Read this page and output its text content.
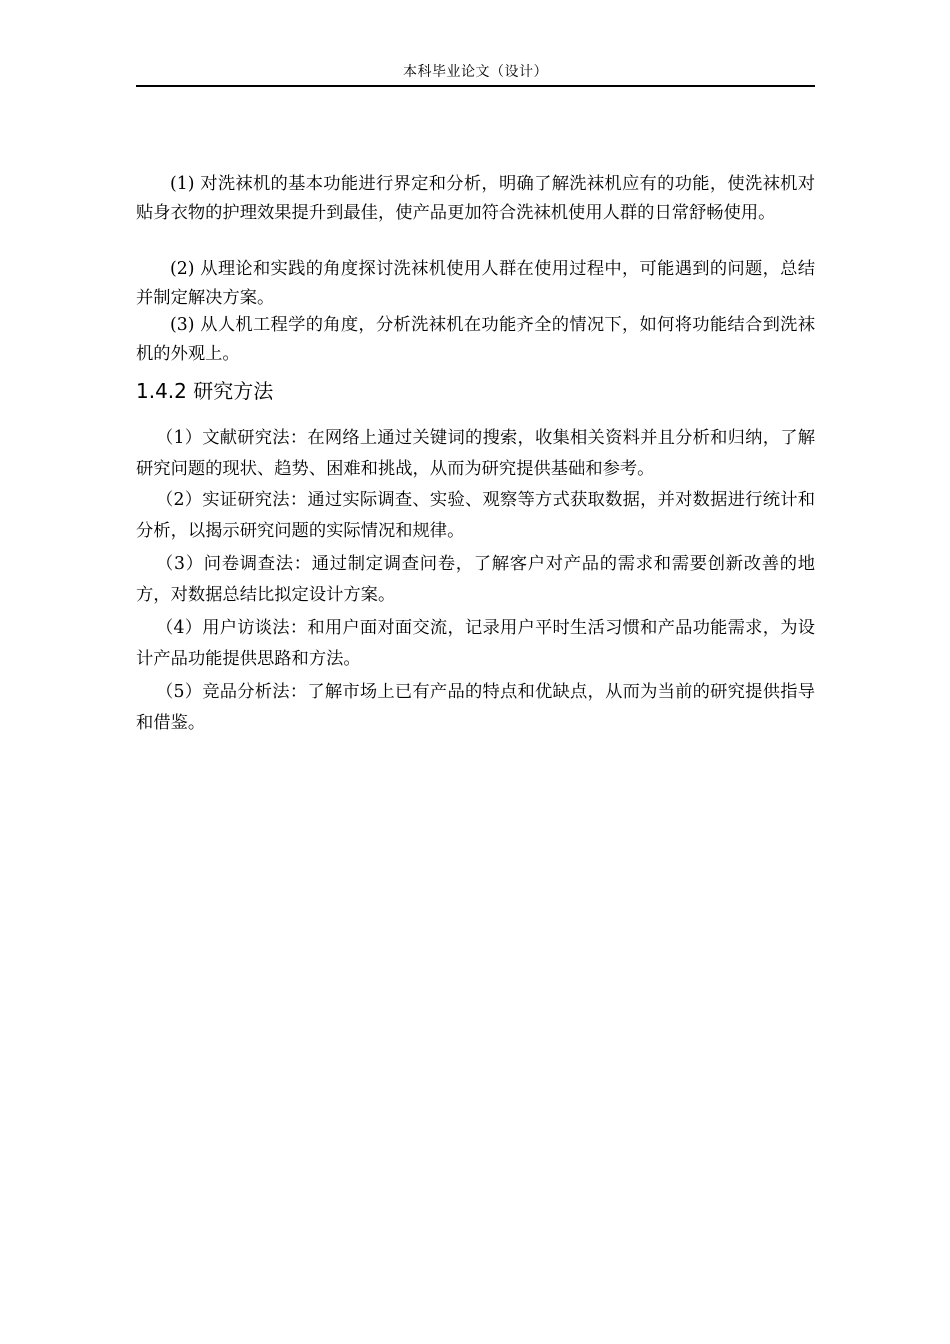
本科毕业论文（设计）

(1) 对洗袜机的基本功能进行界定和分析，明确了解洗袜机应有的功能，使洗袜机对贴身衣物的护理效果提升到最佳，使产品更加符合洗袜机使用人群的日常舒畅使用。

(2) 从理论和实践的角度探讨洗袜机使用人群在使用过程中，可能遇到的问题，总结并制定解决方案。

(3) 从人机工程学的角度，分析洗袜机在功能齐全的情况下，如何将功能结合到洗袜机的外观上。

1.4.2 研究方法

（1）文献研究法：在网络上通过关键词的搜索，收集相关资料并且分析和归纳，了解研究问题的现状、趋势、困难和挑战，从而为研究提供基础和参考。

（2）实证研究法：通过实际调查、实验、观察等方式获取数据，并对数据进行统计和分析，以揭示研究问题的实际情况和规律。

（3）问卷调查法：通过制定调查问卷，了解客户对产品的需求和需要创新改善的地方，对数据总结比拟定设计方案。

（4）用户访谈法：和用户面对面交流，记录用户平时生活习惯和产品功能需求，为设计产品功能提供思路和方法。

（5）竞品分析法：了解市场上已有产品的特点和优缺点，从而为当前的研究提供指导和借鉴。
